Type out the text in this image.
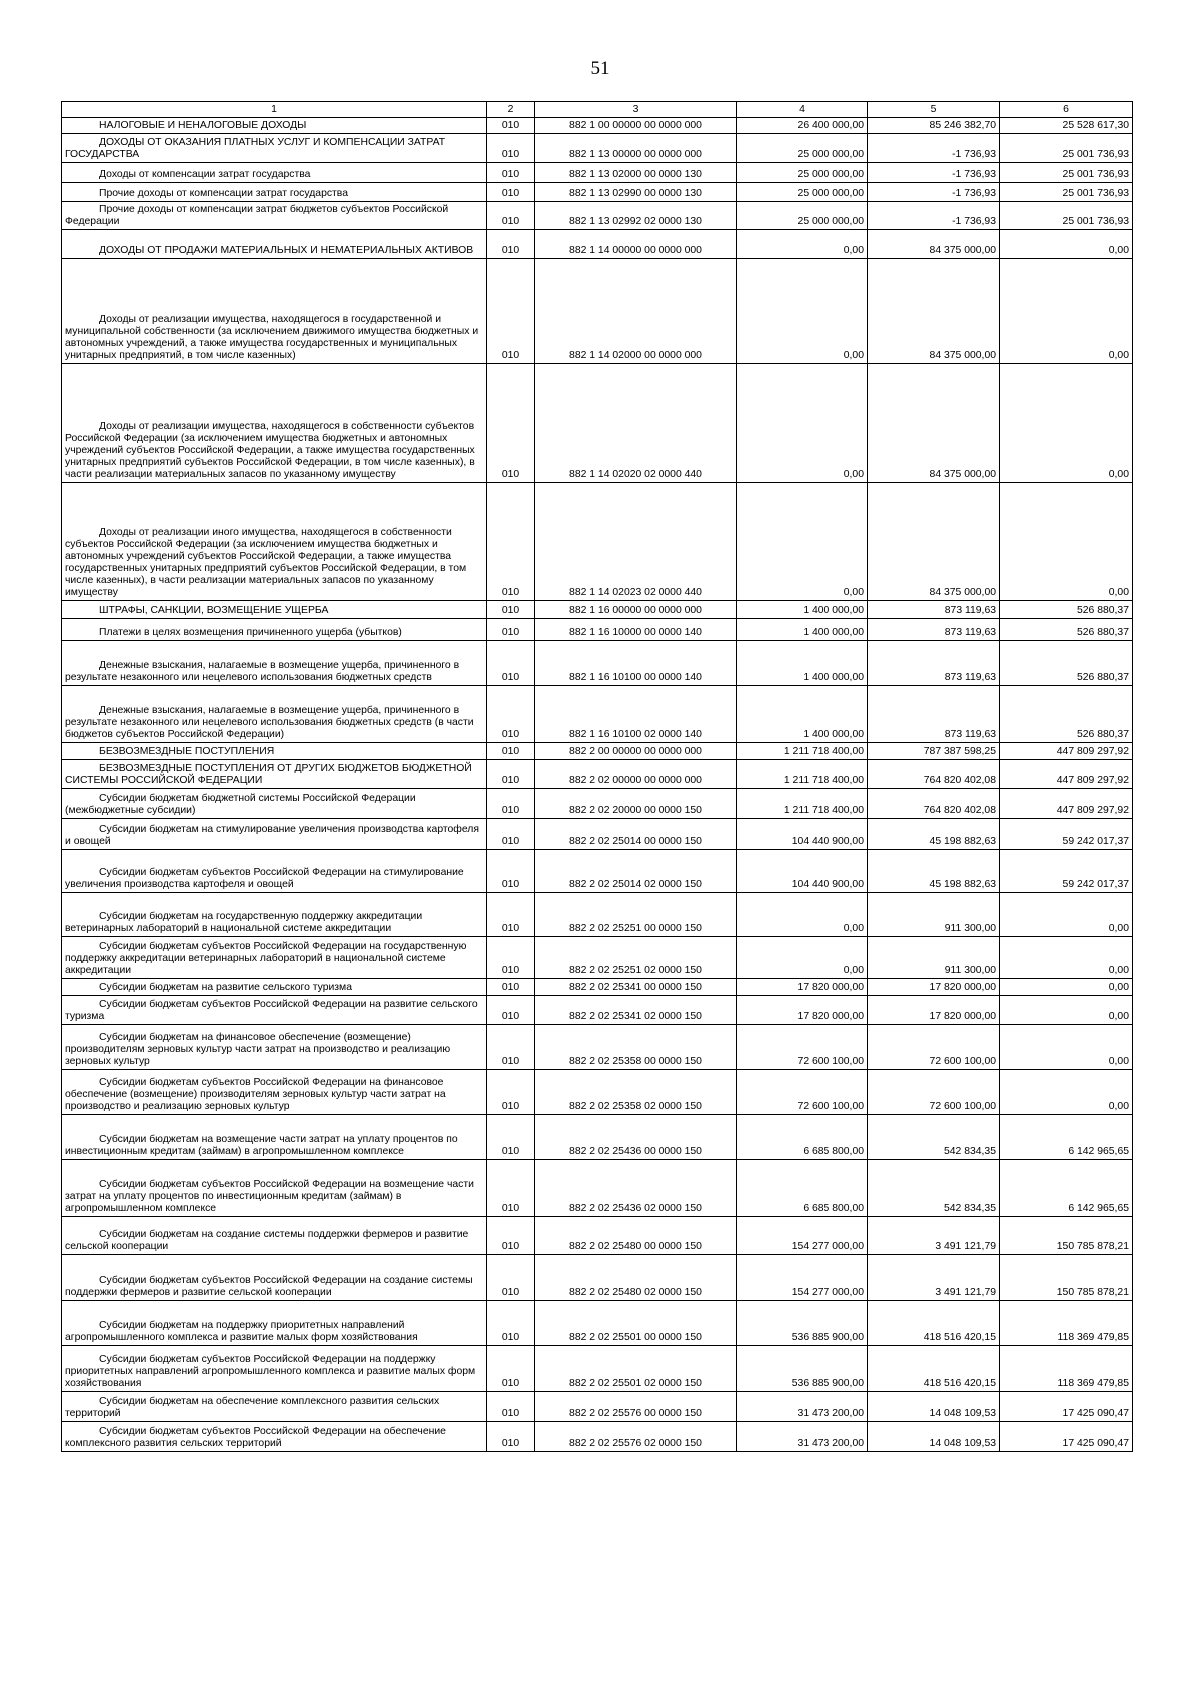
51
1	2	3	4	5	6

НАЛОГОВЫЕ И НЕНАЛОГОВЫЕ ДОХОДЫ	010	882 1 00 00000 00 0000 000	26 400 000,00	85 246 382,70	25 528 617,30

ДОХОДЫ ОТ ОКАЗАНИЯ ПЛАТНЫХ УСЛУГ И КОМПЕНСАЦИИ ЗАТРАТ ГОСУДАРСТВА	010	882 1 13 00000 00 0000 000	25 000 000,00	-1 736,93	25 001 736,93

Доходы от компенсации затрат государства	010	882 1 13 02000 00 0000 130	25 000 000,00	-1 736,93	25 001 736,93

Прочие доходы от компенсации затрат государства	010	882 1 13 02990 00 0000 130	25 000 000,00	-1 736,93	25 001 736,93

Прочие доходы от компенсации затрат бюджетов субъектов Российской Федерации	010	882 1 13 02992 02 0000 130	25 000 000,00	-1 736,93	25 001 736,93

ДОХОДЫ ОТ ПРОДАЖИ МАТЕРИАЛЬНЫХ И НЕМАТЕРИАЛЬНЫХ АКТИВОВ	010	882 1 14 00000 00 0000 000	0,00	84 375 000,00	0,00

Доходы от реализации имущества, находящегося в государственной и муниципальной собственности (за исключением движимого имущества бюджетных и автономных учреждений, а также имущества государственных и муниципальных унитарных предприятий, в том числе казенных)	010	882 1 14 02000 00 0000 000	0,00	84 375 000,00	0,00

Доходы от реализации имущества, находящегося в собственности субъектов Российской Федерации (за исключением имущества бюджетных и автономных учреждений субъектов Российской Федерации, а также имущества государственных унитарных предприятий субъектов Российской Федерации, в том числе казенных), в части реализации материальных запасов по указанному имуществу	010	882 1 14 02020 02 0000 440	0,00	84 375 000,00	0,00

Доходы от реализации иного имущества, находящегося в собственности субъектов Российской Федерации (за исключением имущества бюджетных и автономных учреждений субъектов Российской Федерации, а также имущества государственных унитарных предприятий субъектов Российской Федерации, в том числе казенных), в части реализации материальных запасов по указанному имуществу	010	882 1 14 02023 02 0000 440	0,00	84 375 000,00	0,00

ШТРАФЫ, САНКЦИИ, ВОЗМЕЩЕНИЕ УЩЕРБА	010	882 1 16 00000 00 0000 000	1 400 000,00	873 119,63	526 880,37

Платежи в целях возмещения причиненного ущерба (убытков)	010	882 1 16 10000 00 0000 140	1 400 000,00	873 119,63	526 880,37

Денежные взыскания, налагаемые в возмещение ущерба, причиненного в результате незаконного или нецелевого использования бюджетных средств	010	882 1 16 10100 00 0000 140	1 400 000,00	873 119,63	526 880,37

Денежные взыскания, налагаемые в возмещение ущерба, причиненного в результате незаконного или нецелевого использования бюджетных средств (в части бюджетов субъектов Российской Федерации)	010	882 1 16 10100 02 0000 140	1 400 000,00	873 119,63	526 880,37

БЕЗВОЗМЕЗДНЫЕ ПОСТУПЛЕНИЯ	010	882 2 00 00000 00 0000 000	1 211 718 400,00	787 387 598,25	447 809 297,92

БЕЗВОЗМЕЗДНЫЕ ПОСТУПЛЕНИЯ ОТ ДРУГИХ БЮДЖЕТОВ БЮДЖЕТНОЙ СИСТЕМЫ РОССИЙСКОЙ ФЕДЕРАЦИИ	010	882 2 02 00000 00 0000 000	1 211 718 400,00	764 820 402,08	447 809 297,92

Субсидии бюджетам бюджетной системы Российской Федерации (межбюджетные субсидии)	010	882 2 02 20000 00 0000 150	1 211 718 400,00	764 820 402,08	447 809 297,92

Субсидии бюджетам на стимулирование увеличения производства картофеля и овощей	010	882 2 02 25014 00 0000 150	104 440 900,00	45 198 882,63	59 242 017,37

Субсидии бюджетам субъектов Российской Федерации на стимулирование увеличения производства картофеля и овощей	010	882 2 02 25014 02 0000 150	104 440 900,00	45 198 882,63	59 242 017,37

Субсидии бюджетам на государственную поддержку аккредитации ветеринарных лабораторий в национальной системе аккредитации	010	882 2 02 25251 00 0000 150	0,00	911 300,00	0,00

Субсидии бюджетам субъектов Российской Федерации на государственную поддержку аккредитации ветеринарных лабораторий в национальной системе аккредитации	010	882 2 02 25251 02 0000 150	0,00	911 300,00	0,00

Субсидии бюджетам на развитие сельского туризма	010	882 2 02 25341 00 0000 150	17 820 000,00	17 820 000,00	0,00

Субсидии бюджетам субъектов Российской Федерации на развитие сельского туризма	010	882 2 02 25341 02 0000 150	17 820 000,00	17 820 000,00	0,00

Субсидии бюджетам на финансовое обеспечение (возмещение) производителям зерновых культур части затрат на производство и реализацию зерновых культур	010	882 2 02 25358 00 0000 150	72 600 100,00	72 600 100,00	0,00

Субсидии бюджетам субъектов Российской Федерации на финансовое обеспечение (возмещение) производителям зерновых культур части затрат на производство и реализацию зерновых культур	010	882 2 02 25358 02 0000 150	72 600 100,00	72 600 100,00	0,00

Субсидии бюджетам на возмещение части затрат на уплату процентов по инвестиционным кредитам (займам) в агропромышленном комплексе	010	882 2 02 25436 00 0000 150	6 685 800,00	542 834,35	6 142 965,65

Субсидии бюджетам субъектов Российской Федерации на возмещение части затрат на уплату процентов по инвестиционным кредитам (займам) в агропромышленном комплексе	010	882 2 02 25436 02 0000 150	6 685 800,00	542 834,35	6 142 965,65

Субсидии бюджетам на создание системы поддержки фермеров и развитие сельской кооперации	010	882 2 02 25480 00 0000 150	154 277 000,00	3 491 121,79	150 785 878,21

Субсидии бюджетам субъектов Российской Федерации на создание системы поддержки фермеров и развитие сельской кооперации	010	882 2 02 25480 02 0000 150	154 277 000,00	3 491 121,79	150 785 878,21

Субсидии бюджетам на поддержку приоритетных направлений агропромышленного комплекса и развитие малых форм хозяйствования	010	882 2 02 25501 00 0000 150	536 885 900,00	418 516 420,15	118 369 479,85

Субсидии бюджетам субъектов Российской Федерации на поддержку приоритетных направлений агропромышленного комплекса и развитие малых форм хозяйствования	010	882 2 02 25501 02 0000 150	536 885 900,00	418 516 420,15	118 369 479,85

Субсидии бюджетам на обеспечение комплексного развития сельских территорий	010	882 2 02 25576 00 0000 150	31 473 200,00	14 048 109,53	17 425 090,47

Субсидии бюджетам субъектов Российской Федерации на обеспечение комплексного развития сельских территорий	010	882 2 02 25576 02 0000 150	31 473 200,00	14 048 109,53	17 425 090,47
